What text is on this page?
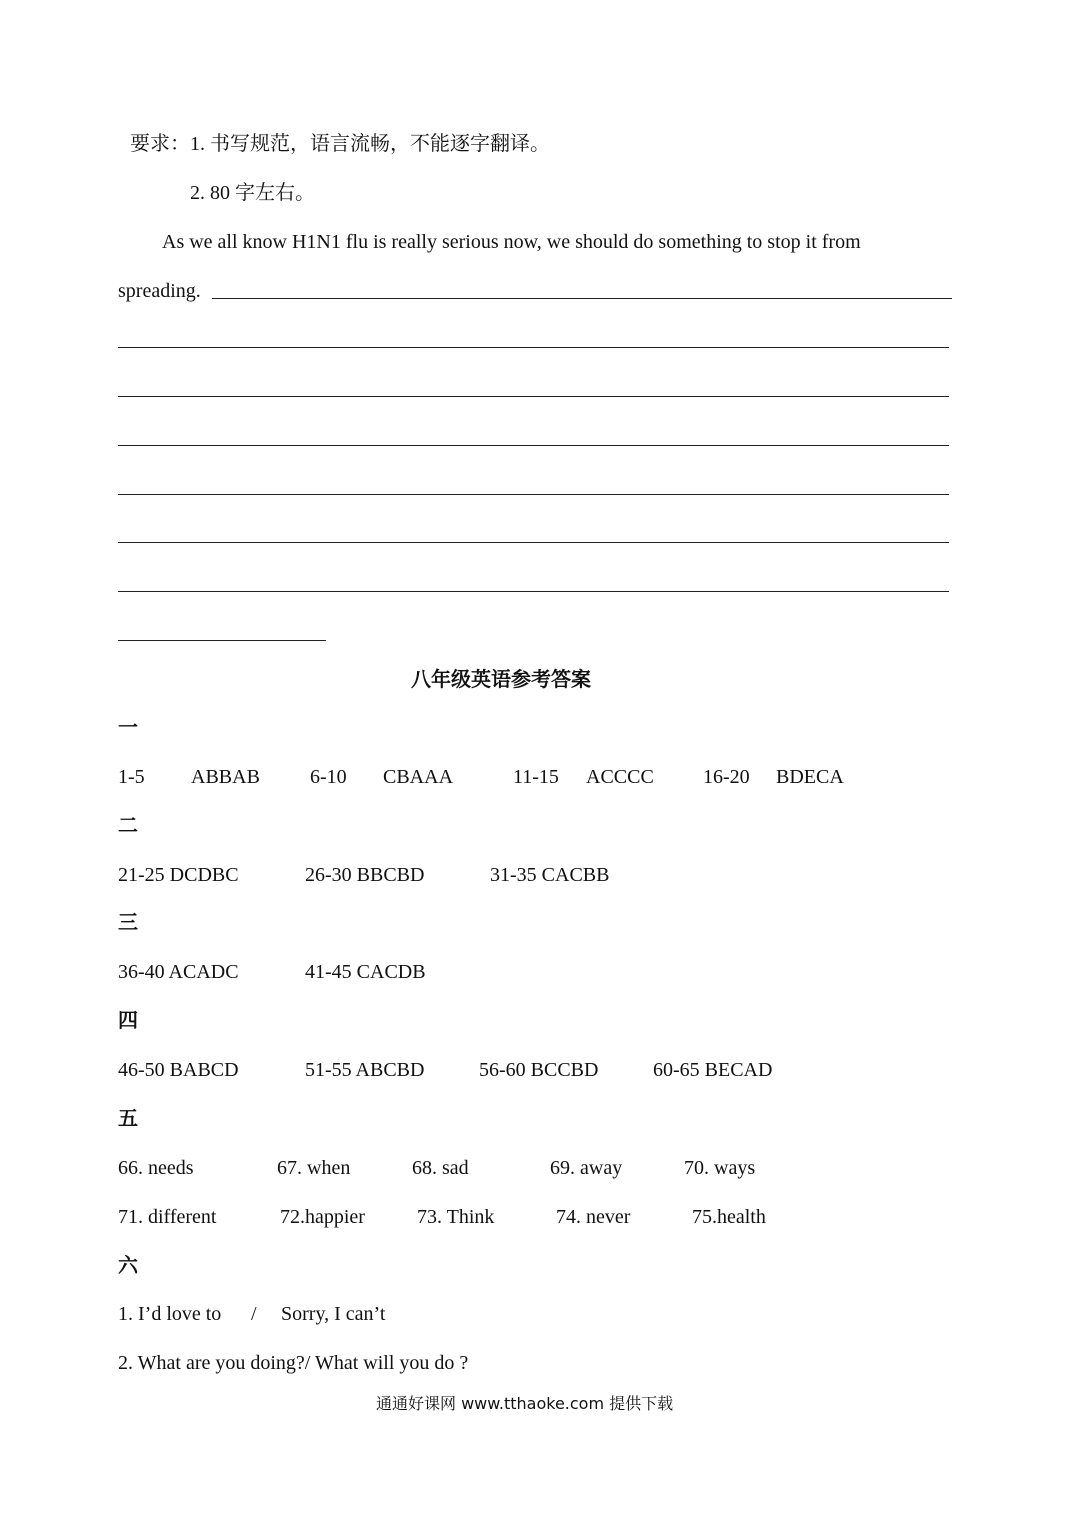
要求：1. 书写规范，语言流畅，不能逐字翻译。
2. 80 字左右。
As we all know H1N1 flu is really serious now, we should do something to stop it from
spreading.
八年级英语参考答案
一
1-5 ABBAB	6-10 CBAAA	11-15 ACCCC 16-20 BDECA
二
21-25 DCDBC	26-30 BBCBD	31-35 CACBB
三
36-40 ACADC	41-45 CACDB
四
46-50 BABCD	51-55 ABCBD	56-60 BCCBD	60-65 BECAD
五
66. needs	67. when	68. sad	69. away	70. ways
71. different	72.happier	73. Think	74. never	75.health
六
1. I’d love to / Sorry, I can’t
2. What are you doing?/ What will you do ?
通通好课网 www.tthaoke.com 提供下载
